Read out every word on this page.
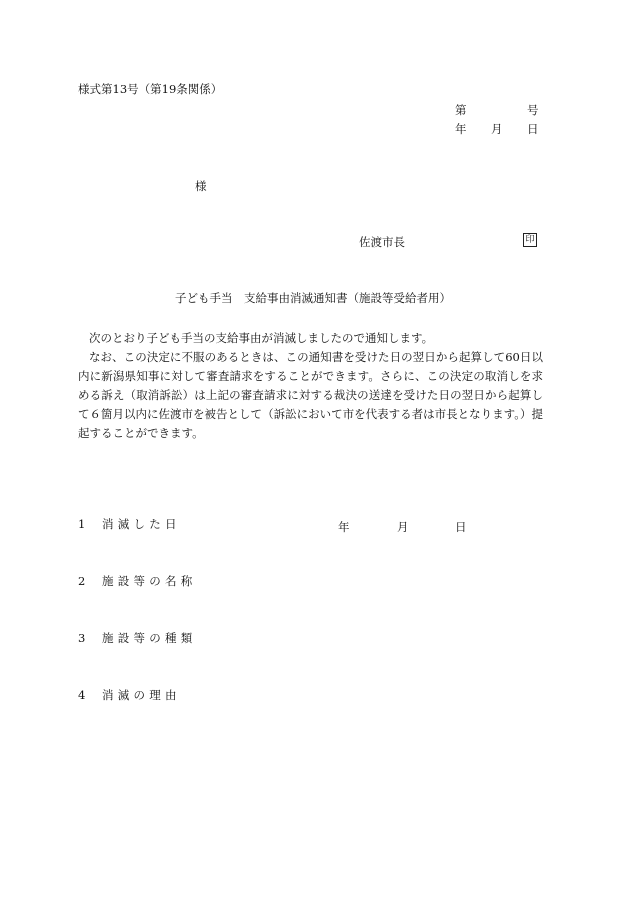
様式第13号（第19条関係）
第	号
年 月 日
様
佐渡市長	印
子ども手当　支給事由消滅通知書（施設等受給者用）

次のとおり子ども手当の支給事由が消滅しましたので通知します。

なお、この決定に不服のあるときは、この通知書を受けた日の翌日から起算して60日以内に新潟県知事に対して審査請求をすることができます。さらに、この決定の取消しを求める訴え（取消訴訟）は上記の審査請求に対する裁決の送達を受けた日の翌日から起算して６箇月以内に佐渡市を被告として（訴訟において市を代表する者は市長となります。）提起することができます。

1 消 滅 し た 日	年	月	日
2 施 設 等 の 名 称
3 施 設 等 の 種 類
4 消 滅 の 理 由
